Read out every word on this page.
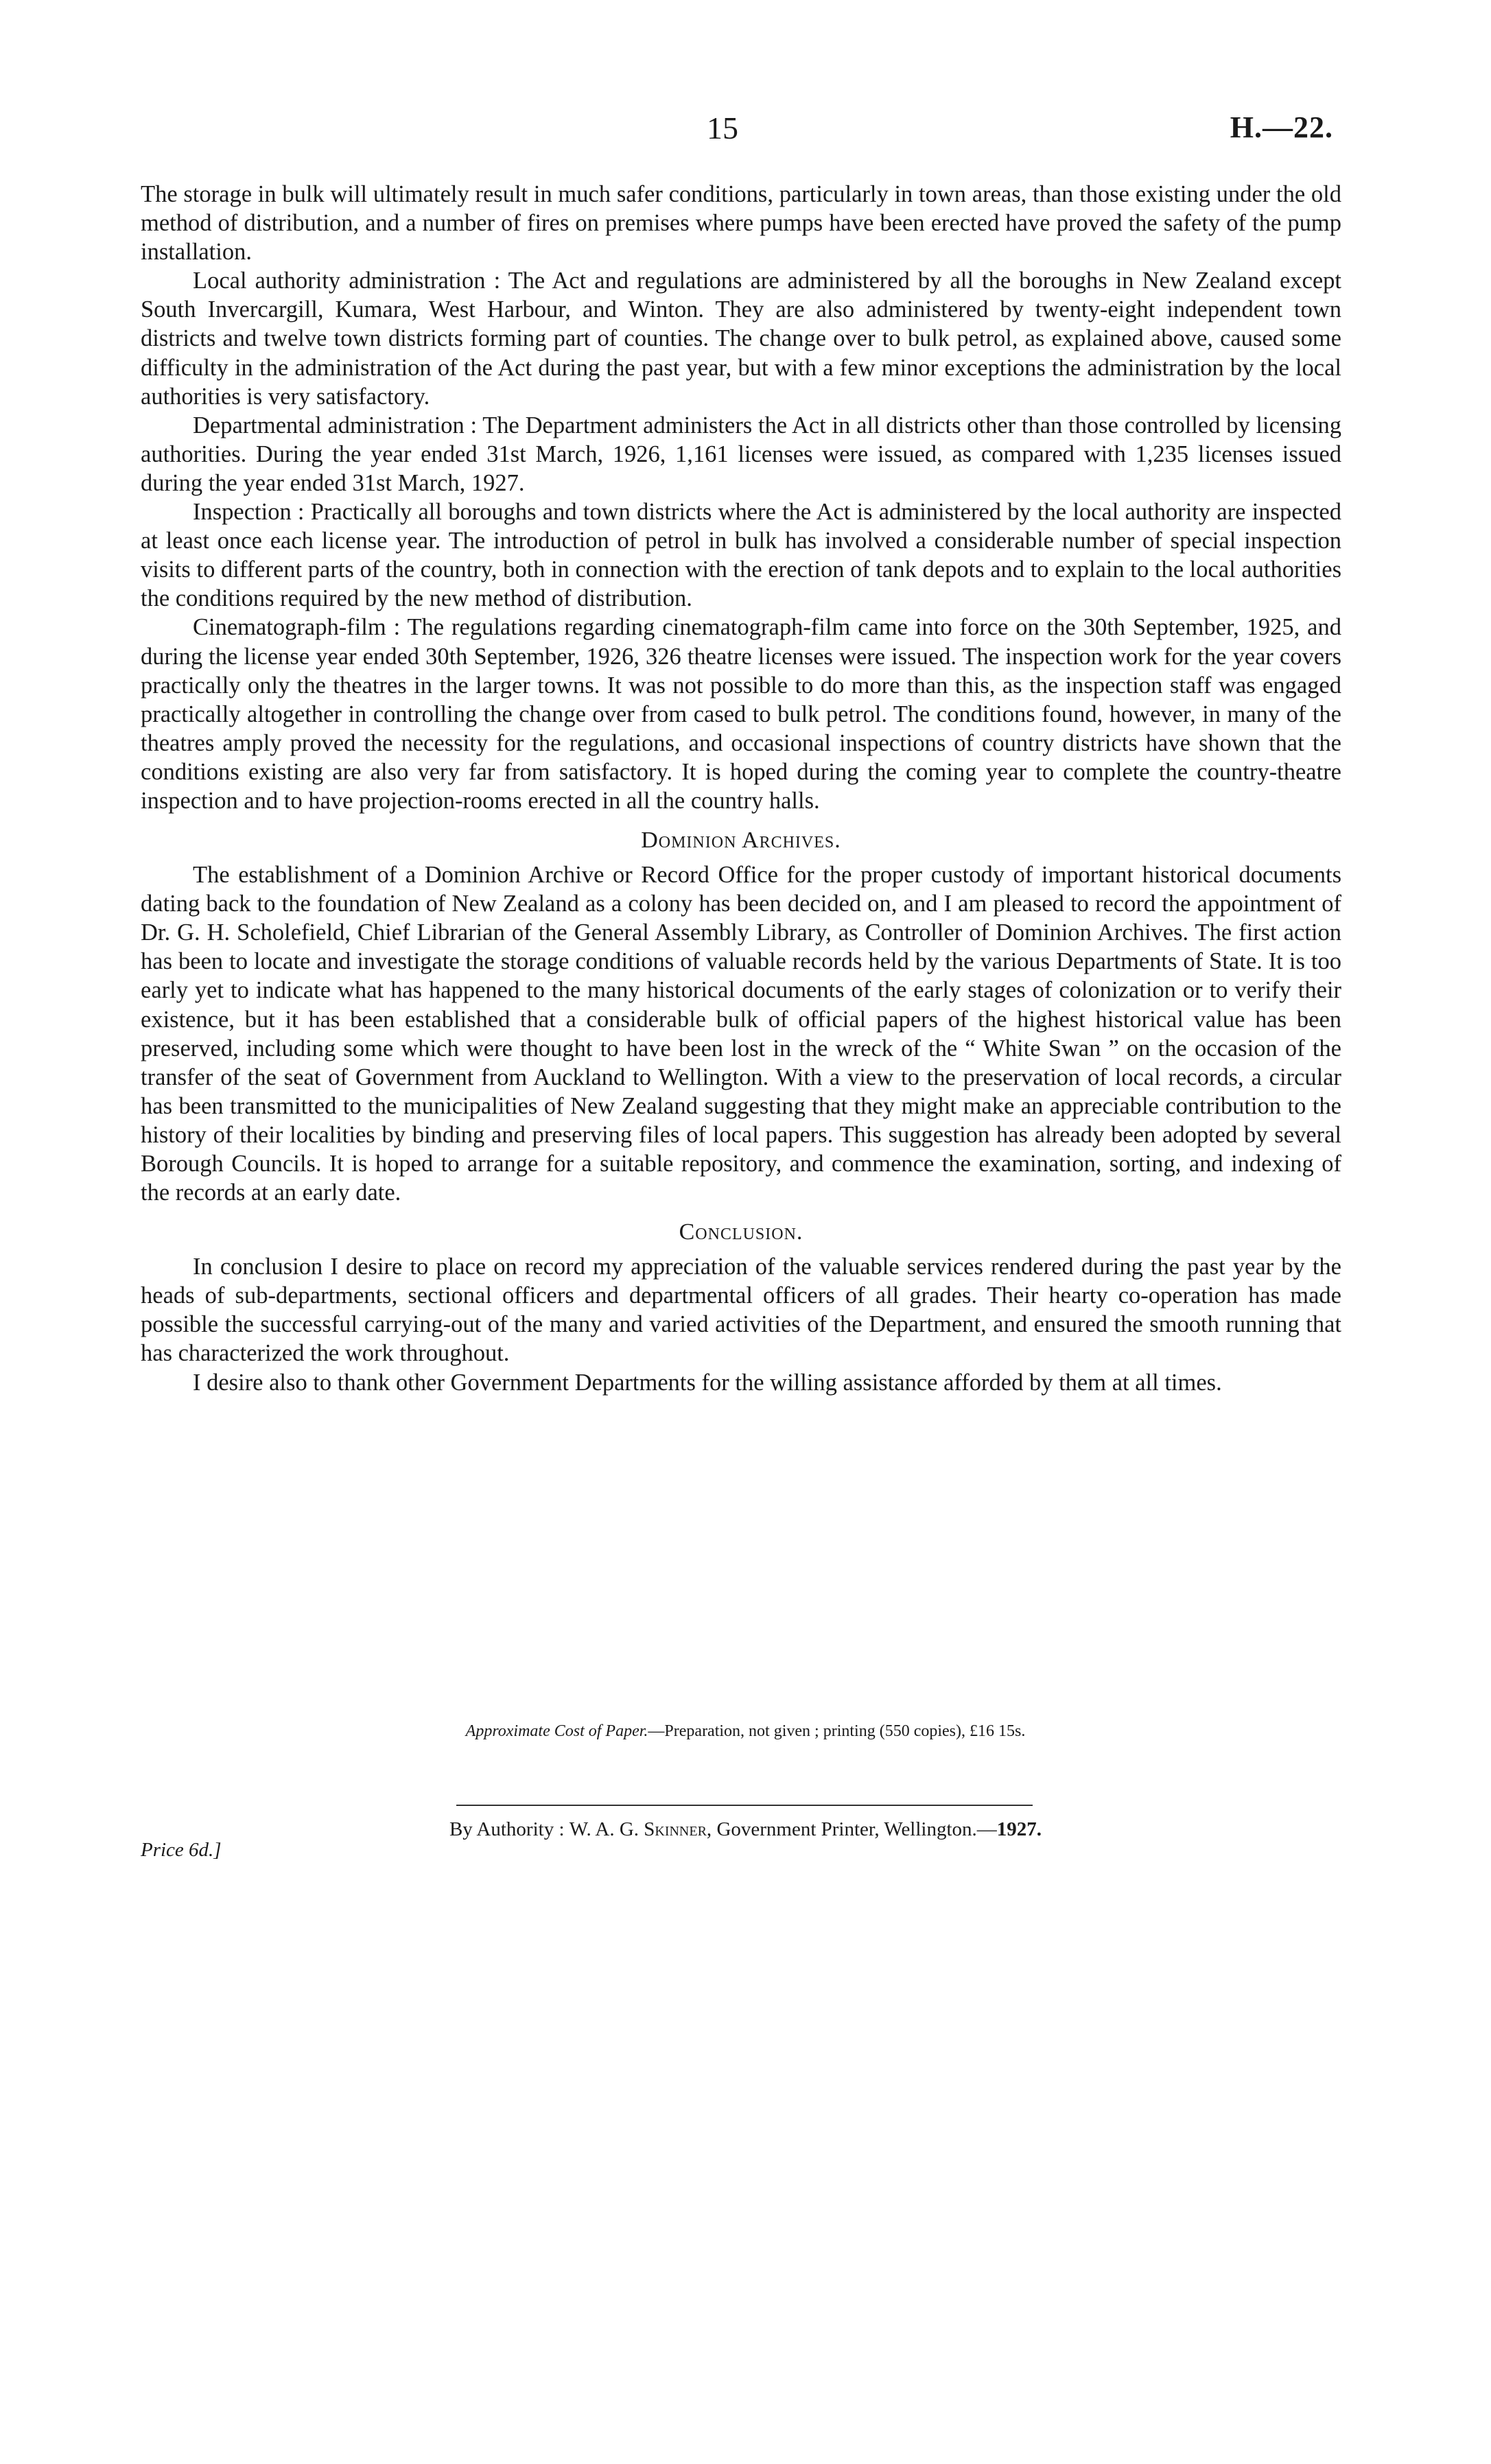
15	H.—22.

The storage in bulk will ultimately result in much safer conditions, particularly in town areas, than those existing under the old method of distribution, and a number of fires on premises where pumps have been erected have proved the safety of the pump installation.

Local authority administration : The Act and regulations are administered by all the boroughs in New Zealand except South Invercargill, Kumara, West Harbour, and Winton. They are also administered by twenty-eight independent town districts and twelve town districts forming part of counties. The change over to bulk petrol, as explained above, caused some difficulty in the administration of the Act during the past year, but with a few minor exceptions the administration by the local authorities is very satisfactory.

Departmental administration : The Department administers the Act in all districts other than those controlled by licensing authorities. During the year ended 31st March, 1926, 1,161 licenses were issued, as compared with 1,235 licenses issued during the year ended 31st March, 1927.

Inspection : Practically all boroughs and town districts where the Act is administered by the local authority are inspected at least once each license year. The introduction of petrol in bulk has involved a considerable number of special inspection visits to different parts of the country, both in connection with the erection of tank depots and to explain to the local authorities the conditions required by the new method of distribution.

Cinematograph-film : The regulations regarding cinematograph-film came into force on the 30th September, 1925, and during the license year ended 30th September, 1926, 326 theatre licenses were issued. The inspection work for the year covers practically only the theatres in the larger towns. It was not possible to do more than this, as the inspection staff was engaged practically altogether in controlling the change over from cased to bulk petrol. The conditions found, however, in many of the theatres amply proved the necessity for the regulations, and occasional inspections of country districts have shown that the conditions existing are also very far from satisfactory. It is hoped during the coming year to complete the country-theatre inspection and to have projection-rooms erected in all the country halls.

Dominion Archives.

The establishment of a Dominion Archive or Record Office for the proper custody of important historical documents dating back to the foundation of New Zealand as a colony has been decided on, and I am pleased to record the appointment of Dr. G. H. Scholefield, Chief Librarian of the General Assembly Library, as Controller of Dominion Archives. The first action has been to locate and investigate the storage conditions of valuable records held by the various Departments of State. It is too early yet to indicate what has happened to the many historical documents of the early stages of colonization or to verify their existence, but it has been established that a considerable bulk of official papers of the highest historical value has been preserved, including some which were thought to have been lost in the wreck of the “ White Swan ” on the occasion of the transfer of the seat of Government from Auckland to Wellington. With a view to the preservation of local records, a circular has been transmitted to the municipalities of New Zealand suggesting that they might make an appreciable contribution to the history of their localities by binding and preserving files of local papers. This suggestion has already been adopted by several Borough Councils. It is hoped to arrange for a suitable repository, and commence the examination, sorting, and indexing of the records at an early date.

Conclusion.

In conclusion I desire to place on record my appreciation of the valuable services rendered during the past year by the heads of sub-departments, sectional officers and departmental officers of all grades. Their hearty co-operation has made possible the successful carrying-out of the many and varied activities of the Department, and ensured the smooth running that has characterized the work throughout.

I desire also to thank other Government Departments for the willing assistance afforded by them at all times.

Approximate Cost of Paper.—Preparation, not given ; printing (550 copies), £16 15s.
By Authority : W. A. G. Skinner, Government Printer, Wellington.—1927.
Price 6d.]
